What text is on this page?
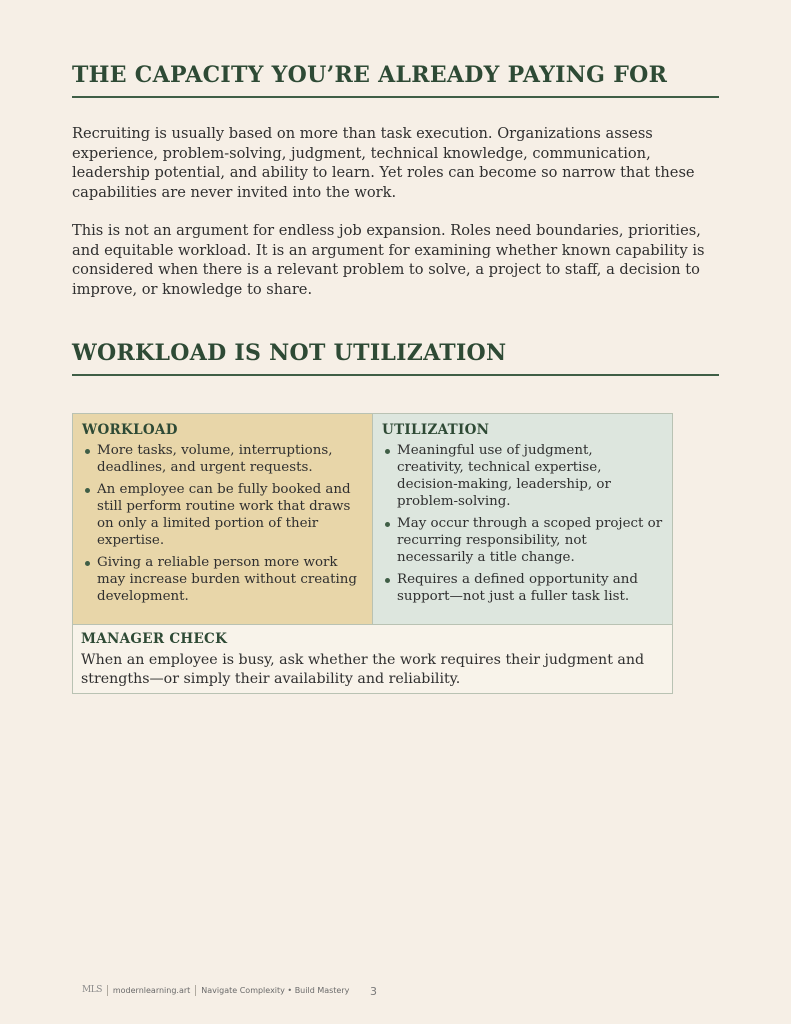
THE CAPACITY YOU’RE ALREADY PAYING FOR

Recruiting is usually based on more than task execution. Organizations assess experience, problem-solving, judgment, technical knowledge, communication, leadership potential, and ability to learn. Yet roles can become so narrow that these capabilities are never invited into the work.

This is not an argument for endless job expansion. Roles need boundaries, priorities, and equitable workload. It is an argument for examining whether known capability is considered when there is a relevant problem to solve, a project to staff, a decision to improve, or knowledge to share.

WORKLOAD IS NOT UTILIZATION
WORKLOAD
More tasks, volume, interruptions, deadlines, and urgent requests.
An employee can be fully booked and still perform routine work that draws on only a limited portion of their expertise.
Giving a reliable person more work may increase burden without creating development.
UTILIZATION
Meaningful use of judgment, creativity, technical expertise, decision-making, leadership, or problem-solving.
May occur through a scoped project or recurring responsibility, not necessarily a title change.
Requires a defined opportunity and support—not just a fuller task list.
MANAGER CHECK

When an employee is busy, ask whether the work requires their judgment and strengths—or simply their availability and reliability.

MLS modernlearning.art Navigate Complexity • Build Mastery 3
